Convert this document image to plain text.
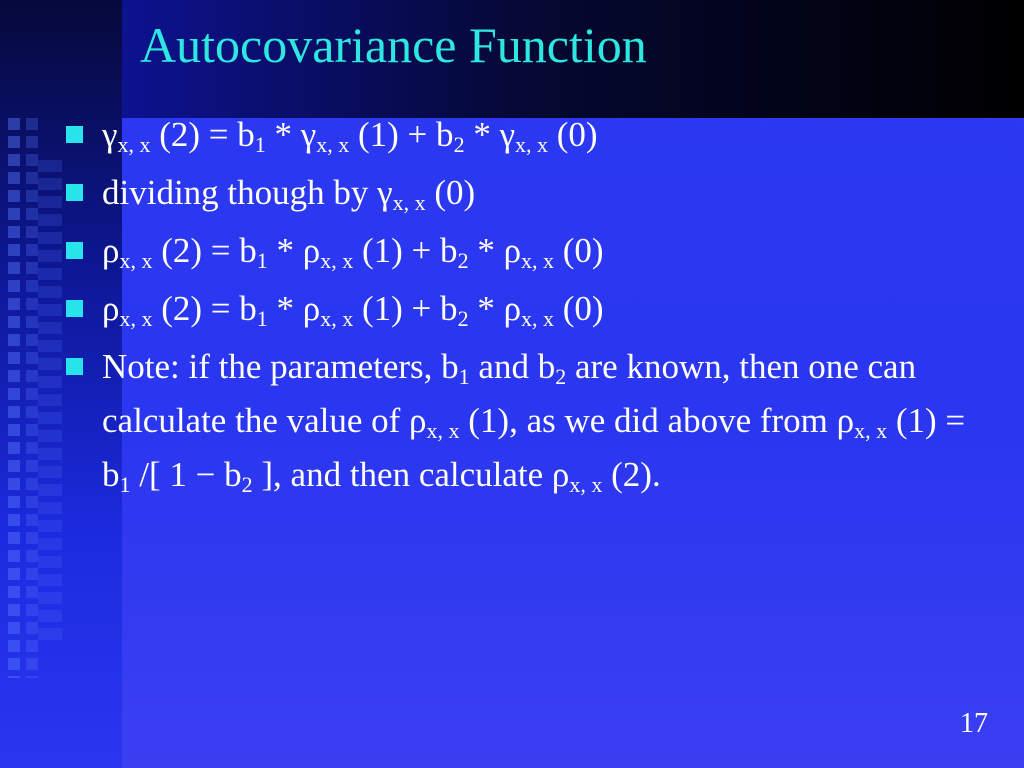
Autocovariance Function
$\gamma_{x, x}$ $(2) = b_1 * \gamma_{x, x}$ $(1) + b_2 * \gamma_{x, x}$ (0)
dividing though by $\gamma_{x, x}$ (0)
$\rho_{x, x}$ $(2) = b_1 * \rho_{x, x}$ $(1) + b_2 * \rho_{x, x}$ (0)
$\rho_{x, x}$ $(2) = b_1 * \rho_{x, x}$ $(1) + b_2 * \rho_{x, x}$ (0)
Note: if the parameters, $b_1$ and $b_2$ are known, then one can calculate the value of $\rho_{x, x}$ (1), as we did above from $\rho_{x, x}$ $(1) = b_1$ /[ $1 - b_2$ ], and then calculate $\rho_{x, x}$ (2).
17
